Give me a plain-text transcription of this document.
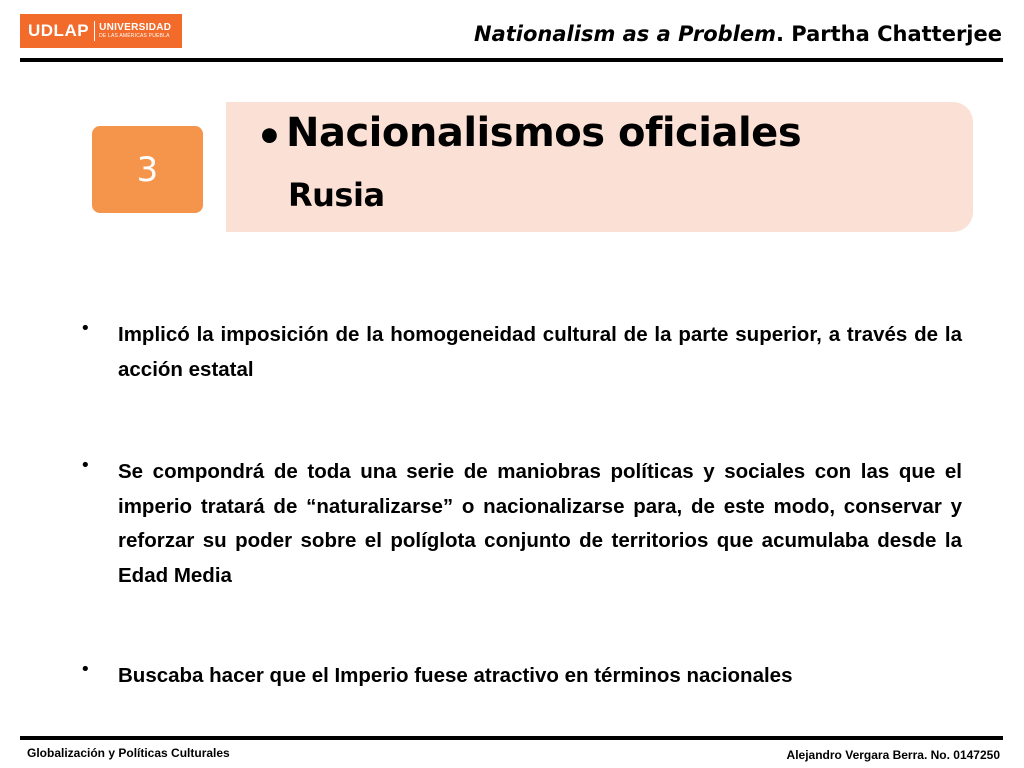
UDLAP	UNIVERSIDAD
DE LAS AMÉRICAS PUEBLA	Nationalism as a Problem. Partha Chatterjee
3
• Nacionalismos oficiales
Rusia
• Implicó la imposición de la homogeneidad cultural de la parte superior, a través de la acción estatal
• Se compondrá de toda una serie de maniobras políticas y sociales con las que el imperio tratará de “naturalizarse” o nacionalizarse para, de este modo, conservar y reforzar su poder sobre el políglota conjunto de territorios que acumulaba desde la Edad Media
• Buscaba hacer que el Imperio fuese atractivo en términos nacionales
Globalización y Políticas Culturales	Alejandro Vergara Berra. No. 0147250
